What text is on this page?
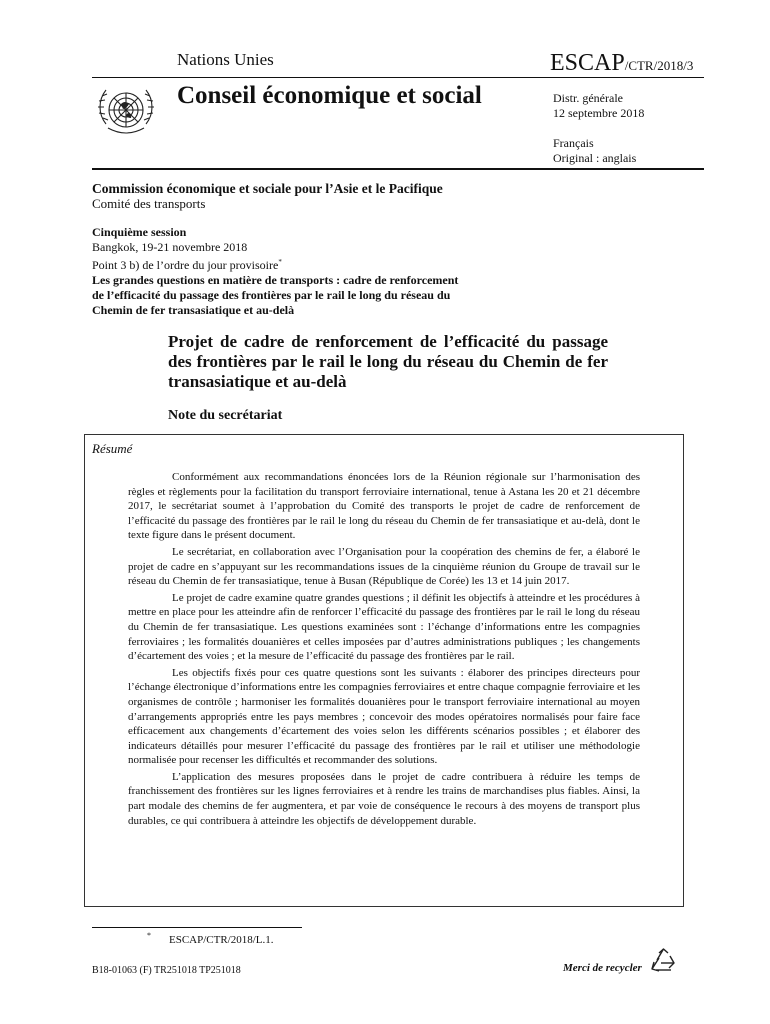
Nations Unies	ESCAP/CTR/2018/3
Conseil économique et social	Distr. générale
12 septembre 2018
Français
Original : anglais
Commission économique et sociale pour l’Asie et le Pacifique
Comité des transports
Cinquième session
Bangkok, 19-21 novembre 2018
Point 3 b) de l’ordre du jour provisoire*
Les grandes questions en matière de transports : cadre de renforcement de l’efficacité du passage des frontières par le rail le long du réseau du Chemin de fer transasiatique et au-delà
Projet de cadre de renforcement de l’efficacité du passage des frontières par le rail le long du réseau du Chemin de fer transasiatique et au-delà
Note du secrétariat
Résumé

Conformément aux recommandations énoncées lors de la Réunion régionale sur l’harmonisation des règles et règlements pour la facilitation du transport ferroviaire international, tenue à Astana les 20 et 21 décembre 2017, le secrétariat soumet à l’approbation du Comité des transports le projet de cadre de renforcement de l’efficacité du passage des frontières par le rail le long du réseau du Chemin de fer transasiatique et au-delà, dont le texte figure dans le présent document.

Le secrétariat, en collaboration avec l’Organisation pour la coopération des chemins de fer, a élaboré le projet de cadre en s’appuyant sur les recommandations issues de la cinquième réunion du Groupe de travail sur le réseau du Chemin de fer transasiatique, tenue à Busan (République de Corée) les 13 et 14 juin 2017.

Le projet de cadre examine quatre grandes questions ; il définit les objectifs à atteindre et les procédures à mettre en place pour les atteindre afin de renforcer l’efficacité du passage des frontières par le rail le long du réseau du Chemin de fer transasiatique. Les questions examinées sont : l’échange d’informations entre les compagnies ferroviaires ; les formalités douanières et celles imposées par d’autres administrations publiques ; les changements d’écartement des voies ; et la mesure de l’efficacité du passage des frontières par le rail.

Les objectifs fixés pour ces quatre questions sont les suivants : élaborer des principes directeurs pour l’échange électronique d’informations entre les compagnies ferroviaires et entre chaque compagnie ferroviaire et les organismes de contrôle ; harmoniser les formalités douanières pour le transport ferroviaire international au moyen d’arrangements appropriés entre les pays membres ; concevoir des modes opératoires normalisés pour faire face efficacement aux changements d’écartement des voies selon les différents scénarios possibles ; et élaborer des indicateurs détaillés pour mesurer l’efficacité du passage des frontières par le rail et utiliser une méthodologie normalisée pour recenser les difficultés et recommander des solutions.

L’application des mesures proposées dans le projet de cadre contribuera à réduire les temps de franchissement des frontières sur les lignes ferroviaires et à rendre les trains de marchandises plus fiables. Ainsi, la part modale des chemins de fer augmentera, et par voie de conséquence le recours à des moyens de transport plus durables, ce qui contribuera à atteindre les objectifs de développement durable.

* ESCAP/CTR/2018/L.1.
B18-01063 (F) TR251018 TP251018	Merci de recycler
